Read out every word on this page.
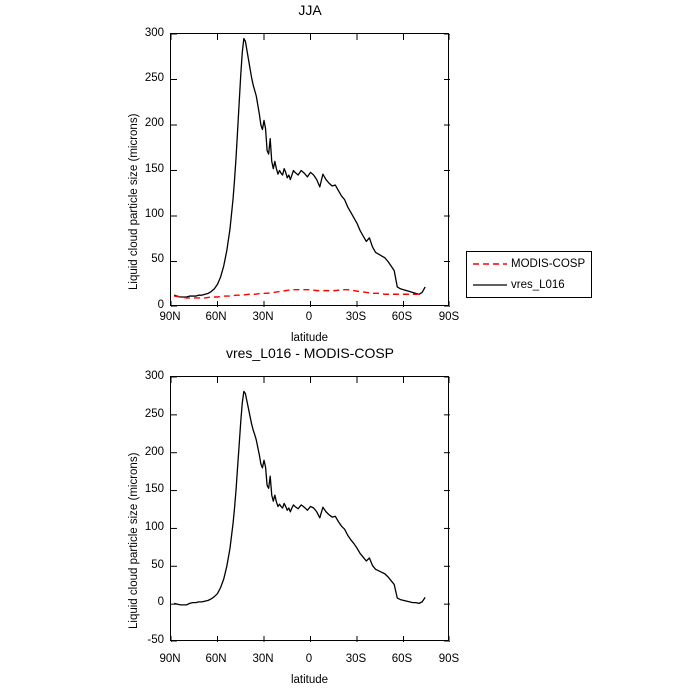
JJA
Liquid cloud particle size (microns)
latitude
300
250
200
150
100
50
0
90N	60N	30N	0	30S	60S	90S
MODIS-COSP
vres_L016
vres_L016 - MODIS-COSP
Liquid cloud particle size (microns)
latitude
300
250
200
150
100
50
0
-50
90N	60N	30N	0	30S	60S	90S
